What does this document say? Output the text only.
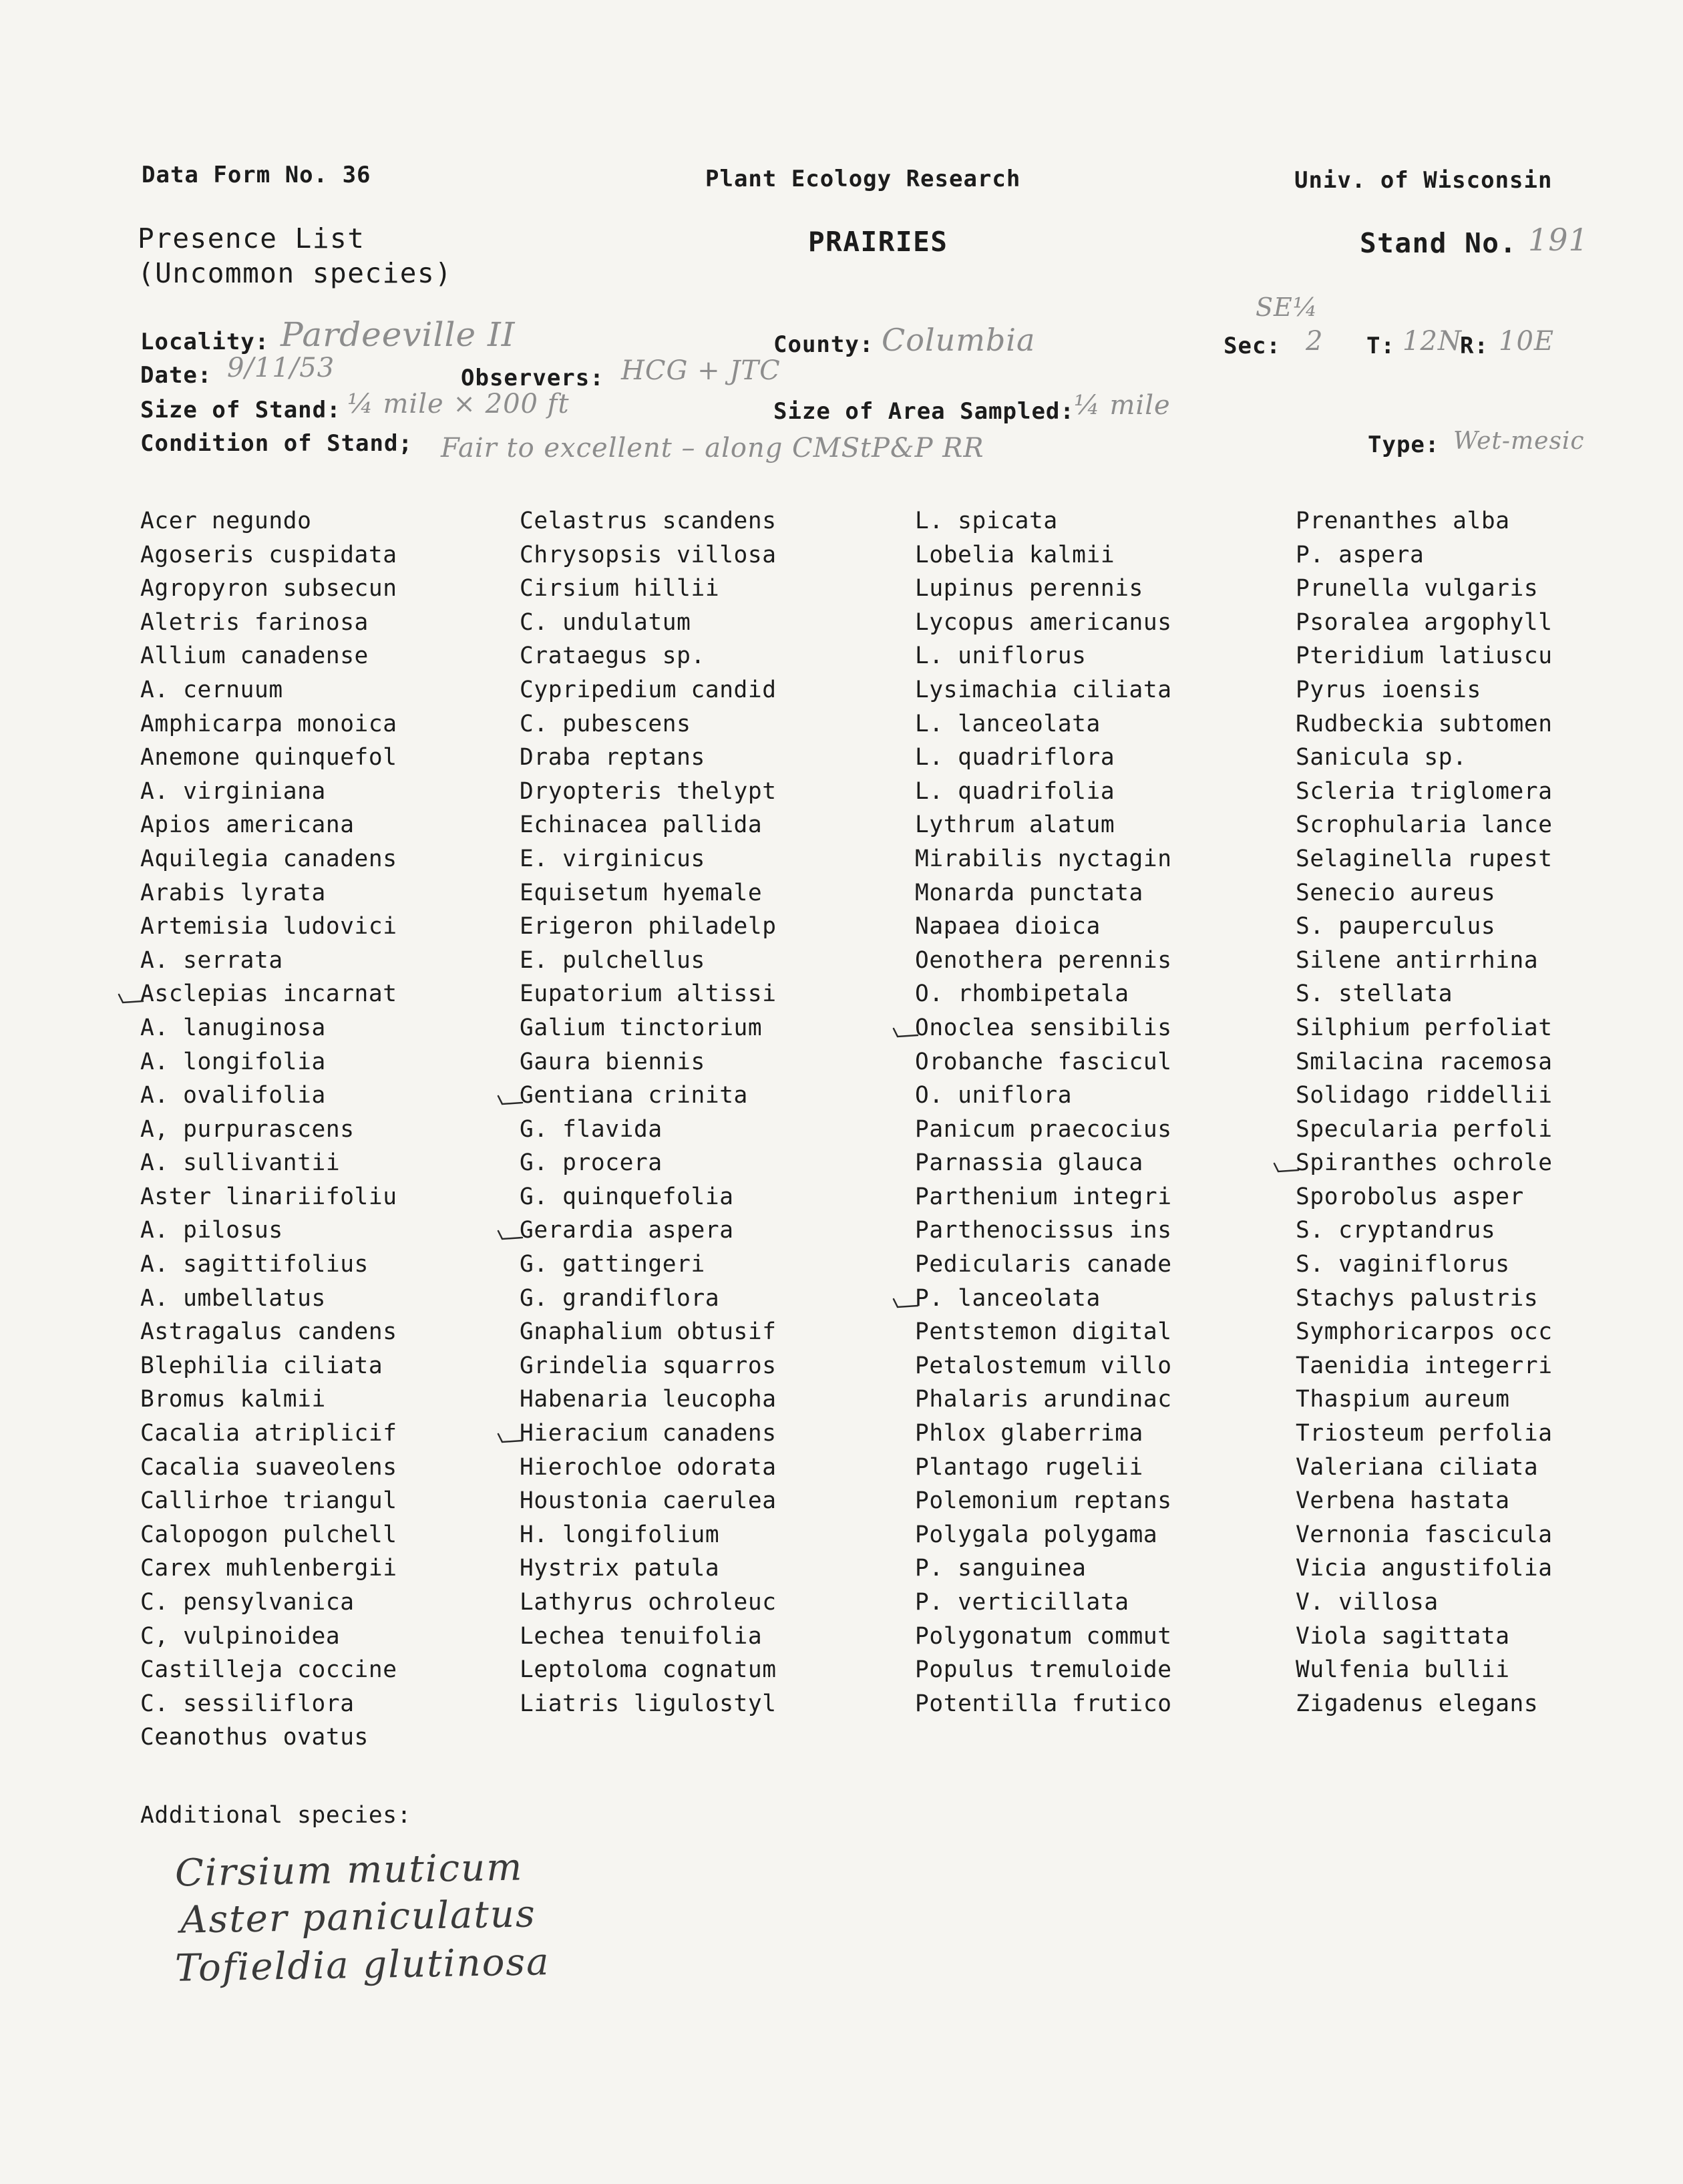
Data Form No. 36	Plant Ecology Research	Univ. of Wisconsin
Presence List
(Uncommon species)
PRAIRIES	Stand No. 191
SE¼
Locality: Pardeeville II	County: Columbia	Sec: 2 T: 12N
R: 10E
Date: 9/11/53	Observers: HCG + JTC
Size of Stand: ¼ mile × 200 ft	Size of Area Sampled: ¼ mile
Condition of Stand; Fair to excellent – along CMStP&P RR	Type: Wet-mesic
Acer negundo
Agoseris cuspidata
Agropyron subsecun
Aletris farinosa
Allium canadense
A. cernuum
Amphicarpa monoica
Anemone quinquefol
A. virginiana
Apios americana
Aquilegia canadens
Arabis lyrata
Artemisia ludovici
A. serrata
Asclepias incarnat
A. lanuginosa
A. longifolia
A. ovalifolia
A, purpurascens
A. sullivantii
Aster linariifoliu
A. pilosus
A. sagittifolius
A. umbellatus
Astragalus candens
Blephilia ciliata
Bromus kalmii
Cacalia atriplicif
Cacalia suaveolens
Callirhoe triangul
Calopogon pulchell
Carex muhlenbergii
C. pensylvanica
C, vulpinoidea
Castilleja coccine
C. sessiliflora
Ceanothus ovatus
Celastrus scandens
Chrysopsis villosa
Cirsium hillii
C. undulatum
Crataegus sp.
Cypripedium candid
C. pubescens
Draba reptans
Dryopteris thelypt
Echinacea pallida
E. virginicus
Equisetum hyemale
Erigeron philadelp
E. pulchellus
Eupatorium altissi
Galium tinctorium
Gaura biennis
Gentiana crinita
G. flavida
G. procera
G. quinquefolia
Gerardia aspera
G. gattingeri
G. grandiflora
Gnaphalium obtusif
Grindelia squarros
Habenaria leucopha
Hieracium canadens
Hierochloe odorata
Houstonia caerulea
H. longifolium
Hystrix patula
Lathyrus ochroleuc
Lechea tenuifolia
Leptoloma cognatum
Liatris ligulostyl
L. spicata
Lobelia kalmii
Lupinus perennis
Lycopus americanus
L. uniflorus
Lysimachia ciliata
L. lanceolata
L. quadriflora
L. quadrifolia
Lythrum alatum
Mirabilis nyctagin
Monarda punctata
Napaea dioica
Oenothera perennis
O. rhombipetala
Onoclea sensibilis
Orobanche fascicul
O. uniflora
Panicum praecocius
Parnassia glauca
Parthenium integri
Parthenocissus ins
Pedicularis canade
P. lanceolata
Pentstemon digital
Petalostemum villo
Phalaris arundinac
Phlox glaberrima
Plantago rugelii
Polemonium reptans
Polygala polygama
P. sanguinea
P. verticillata
Polygonatum commut
Populus tremuloide
Potentilla frutico
Prenanthes alba
P. aspera
Prunella vulgaris
Psoralea argophyll
Pteridium latiuscu
Pyrus ioensis
Rudbeckia subtomen
Sanicula sp.
Scleria triglomera
Scrophularia lance
Selaginella rupest
Senecio aureus
S. pauperculus
Silene antirrhina
S. stellata
Silphium perfoliat
Smilacina racemosa
Solidago riddellii
Specularia perfoli
Spiranthes ochrole
Sporobolus asper
S. cryptandrus
S. vaginiflorus
Stachys palustris
Symphoricarpos occ
Taenidia integerri
Thaspium aureum
Triosteum perfolia
Valeriana ciliata
Verbena hastata
Vernonia fascicula
Vicia angustifolia
V. villosa
Viola sagittata
Wulfenia bullii
Zigadenus elegans
Additional species:
Cirsium muticum
Aster paniculatus
Tofieldia glutinosa
